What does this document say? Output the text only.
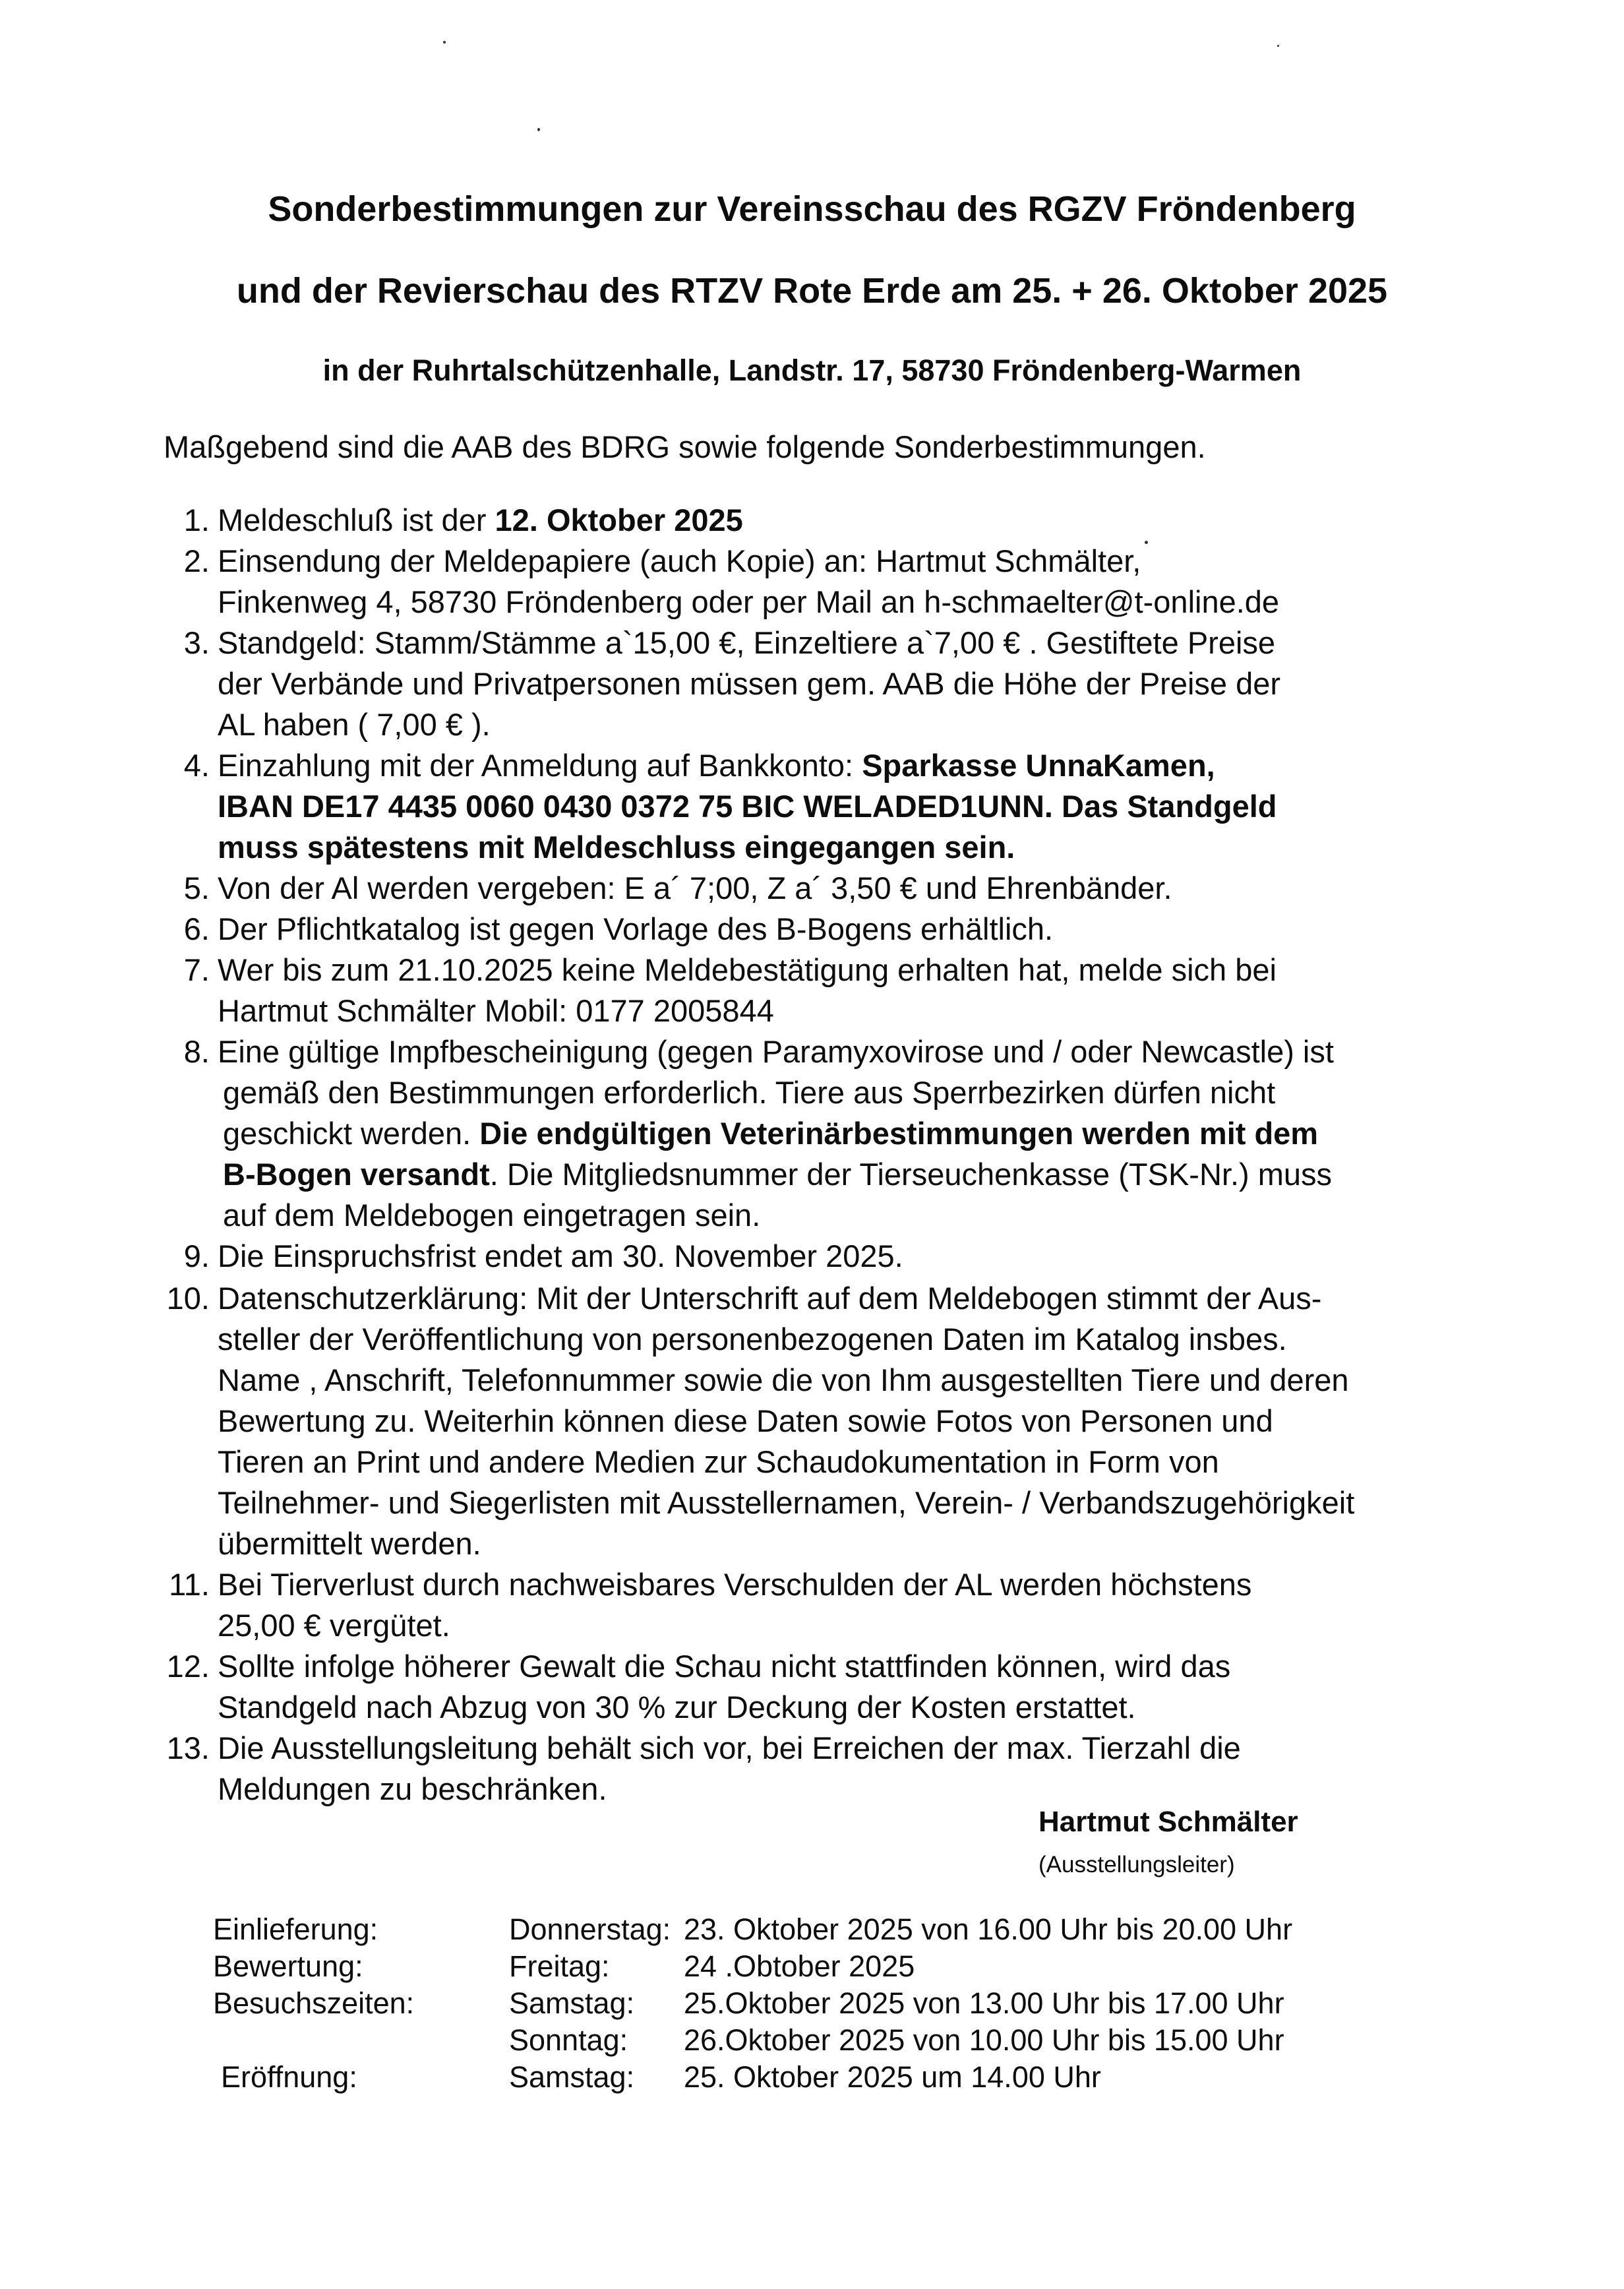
Sonderbestimmungen zur Vereinsschau des RGZV Fröndenberg
und der Revierschau des RTZV Rote Erde am 25. + 26. Oktober 2025
in der Ruhrtalschützenhalle, Landstr. 17, 58730 Fröndenberg-Warmen
Maßgebend sind die AAB des BDRG sowie folgende Sonderbestimmungen.
1. Meldeschluß ist der 12. Oktober 2025
2. Einsendung der Meldepapiere (auch Kopie) an: Hartmut Schmälter,
Finkenweg 4, 58730 Fröndenberg oder per Mail an h-schmaelter@t-online.de
3. Standgeld: Stamm/Stämme a`15,00 €, Einzeltiere a`7,00 € . Gestiftete Preise
der Verbände und Privatpersonen müssen gem. AAB die Höhe der Preise der
AL haben ( 7,00 € ).
4. Einzahlung mit der Anmeldung auf Bankkonto: Sparkasse UnnaKamen,
IBAN DE17 4435 0060 0430 0372 75 BIC WELADED1UNN. Das Standgeld
muss spätestens mit Meldeschluss eingegangen sein.
5. Von der Al werden vergeben: E a´ 7;00, Z a´ 3,50 € und Ehrenbänder.
6. Der Pflichtkatalog ist gegen Vorlage des B-Bogens erhältlich.
7. Wer bis zum 21.10.2025 keine Meldebestätigung erhalten hat, melde sich bei
Hartmut Schmälter Mobil: 0177 2005844
8. Eine gültige Impfbescheinigung (gegen Paramyxovirose und / oder Newcastle) ist
gemäß den Bestimmungen erforderlich. Tiere aus Sperrbezirken dürfen nicht
geschickt werden. Die endgültigen Veterinärbestimmungen werden mit dem
B-Bogen versandt. Die Mitgliedsnummer der Tierseuchenkasse (TSK-Nr.) muss
auf dem Meldebogen eingetragen sein.
9. Die Einspruchsfrist endet am 30. November 2025.
10. Datenschutzerklärung: Mit der Unterschrift auf dem Meldebogen stimmt der Aus-
steller der Veröffentlichung von personenbezogenen Daten im Katalog insbes.
Name , Anschrift, Telefonnummer sowie die von Ihm ausgestellten Tiere und deren
Bewertung zu. Weiterhin können diese Daten sowie Fotos von Personen und
Tieren an Print und andere Medien zur Schaudokumentation in Form von
Teilnehmer- und Siegerlisten mit Ausstellernamen, Verein- / Verbandszugehörigkeit
übermittelt werden.
11. Bei Tierverlust durch nachweisbares Verschulden der AL werden höchstens
25,00 € vergütet.
12. Sollte infolge höherer Gewalt die Schau nicht stattfinden können, wird das
Standgeld nach Abzug von 30 % zur Deckung der Kosten erstattet.
13. Die Ausstellungsleitung behält sich vor, bei Erreichen der max. Tierzahl die
Meldungen zu beschränken.
Hartmut Schmälter
(Ausstellungsleiter)
Einlieferung:	Donnerstag: 23. Oktober 2025 von 16.00 Uhr bis 20.00 Uhr
Bewertung:	Freitag: 24 .Obtober 2025
Besuchszeiten:	Samstag: 25.Oktober 2025 von 13.00 Uhr bis 17.00 Uhr
Sonntag: 26.Oktober 2025 von 10.00 Uhr bis 15.00 Uhr
Eröffnung:	Samstag: 25. Oktober 2025 um 14.00 Uhr
